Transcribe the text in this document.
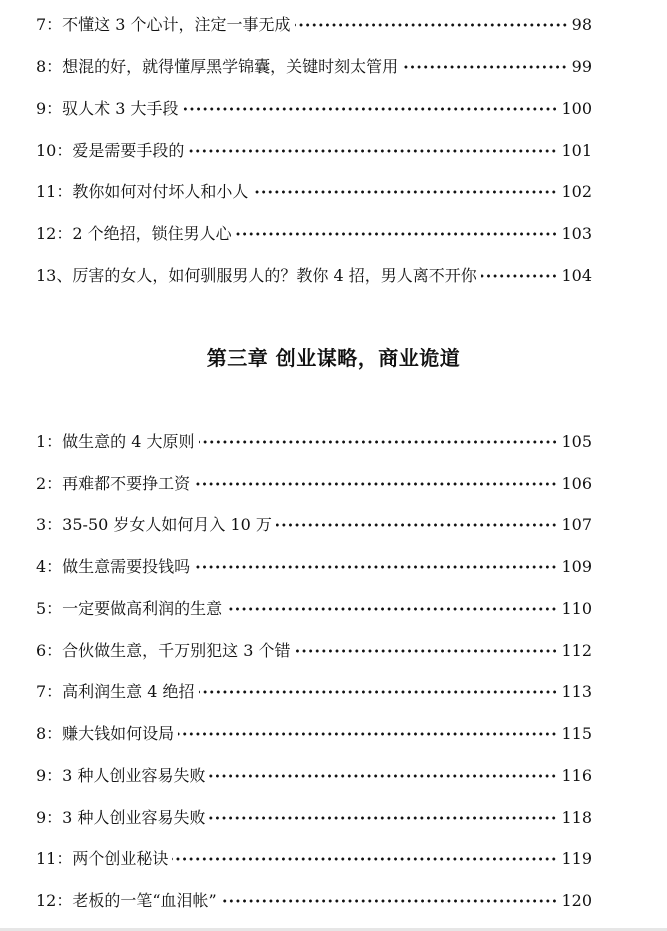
7：不懂这 3 个心计，注定一事无成	98
8：想混的好，就得懂厚黑学锦囊，关键时刻太管用	99
9：驭人术 3 大手段	100
10：爱是需要手段的	101
11：教你如何对付坏人和小人	102
12：2 个绝招，锁住男人心	103
13、厉害的女人，如何驯服男人的？教你 4 招，男人离不开你	104
第三章 创业谋略，商业诡道
1：做生意的 4 大原则	105
2：再难都不要挣工资	106
3：35-50 岁女人如何月入 10 万	107
4：做生意需要投钱吗	109
5：一定要做高利润的生意	110
6：合伙做生意，千万别犯这 3 个错	112
7：高利润生意 4 绝招	113
8：赚大钱如何设局	115
9：3 种人创业容易失败	116
9：3 种人创业容易失败	118
11：两个创业秘诀	119
12：老板的一笔“血泪帐”	120
